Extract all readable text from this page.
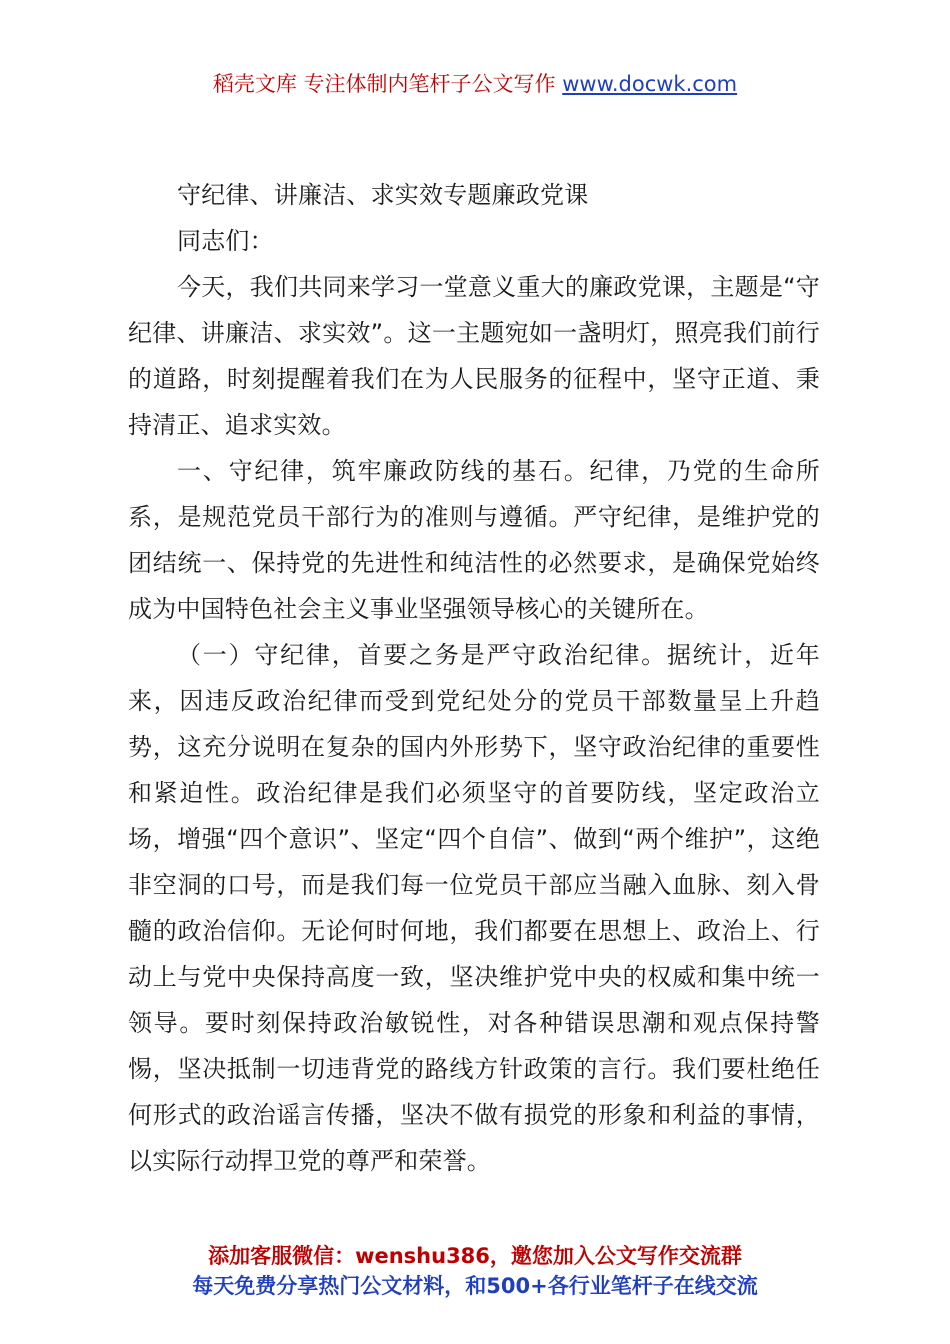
稻壳文库 专注体制内笔杆子公文写作 www.docwk.com

守纪律、讲廉洁、求实效专题廉政党课

同志们：

今天，我们共同来学习一堂意义重大的廉政党课，主题是“守纪律、讲廉洁、求实效”。这一主题宛如一盏明灯，照亮我们前行的道路，时刻提醒着我们在为人民服务的征程中，坚守正道、秉持清正、追求实效。

一、守纪律，筑牢廉政防线的基石。纪律，乃党的生命所系，是规范党员干部行为的准则与遵循。严守纪律，是维护党的团结统一、保持党的先进性和纯洁性的必然要求，是确保党始终成为中国特色社会主义事业坚强领导核心的关键所在。

（一）守纪律，首要之务是严守政治纪律。据统计，近年来，因违反政治纪律而受到党纪处分的党员干部数量呈上升趋势，这充分说明在复杂的国内外形势下，坚守政治纪律的重要性和紧迫性。政治纪律是我们必须坚守的首要防线，坚定政治立场，增强“四个意识”、坚定“四个自信”、做到“两个维护”，这绝非空洞的口号，而是我们每一位党员干部应当融入血脉、刻入骨髓的政治信仰。无论何时何地，我们都要在思想上、政治上、行动上与党中央保持高度一致，坚决维护党中央的权威和集中统一领导。要时刻保持政治敏锐性，对各种错误思潮和观点保持警惕，坚决抵制一切违背党的路线方针政策的言行。我们要杜绝任何形式的政治谣言传播，坚决不做有损党的形象和利益的事情，以实际行动捍卫党的尊严和荣誉。

添加客服微信：wenshu386，邀您加入公文写作交流群
每天免费分享热门公文材料，和500+各行业笔杆子在线交流
